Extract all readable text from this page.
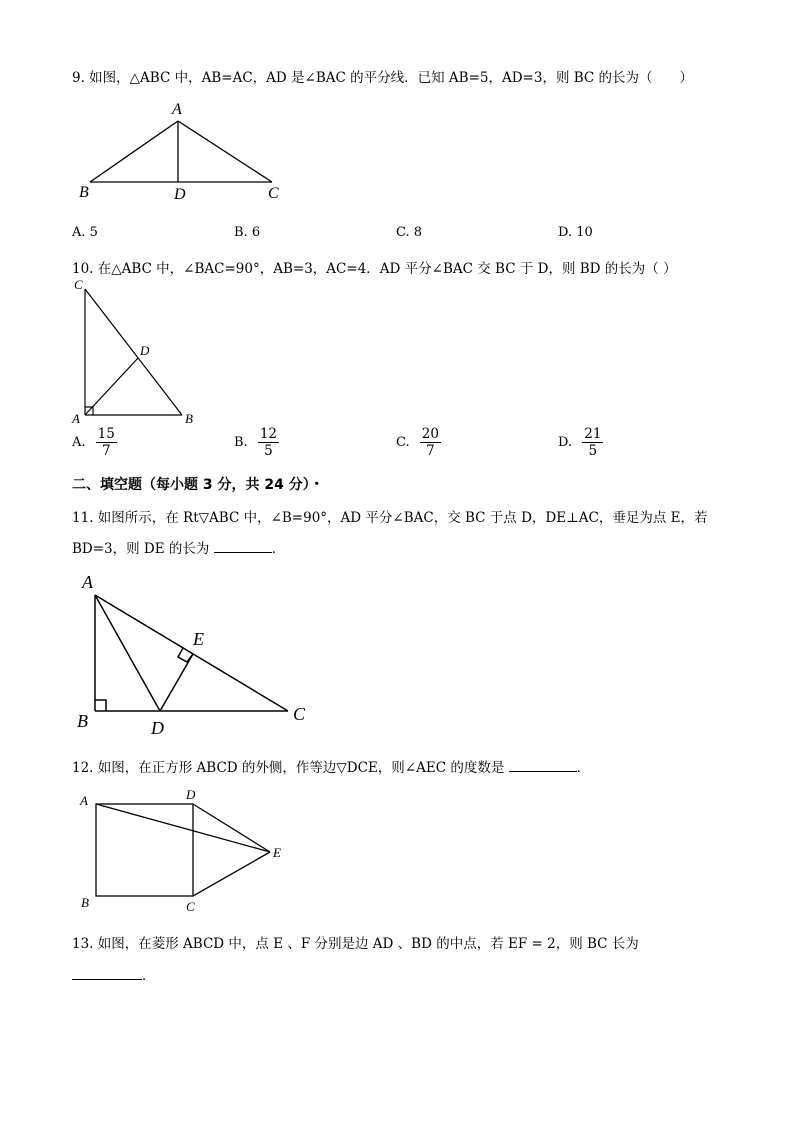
9. 如图，△ABC 中，AB=AC，AD 是∠BAC 的平分线．已知 AB=5，AD=3，则 BC 的长为（　　）
A
B	D	C
A. 5	B. 6	C. 8	D. 10
10. 在△ABC 中，∠BAC=90°，AB=3，AC=4．AD 平分∠BAC 交 BC 于 D，则 BD 的长为（ ）
C
D
A	B
A. $\frac{15}{7}$	B. $\frac{12}{5}$	C. $\frac{20}{7}$	D. $\frac{21}{5}$
二、填空题（每小题 3 分，共 24 分）・
11. 如图所示，在 Rt▽ABC 中，∠B=90°，AD 平分∠BAC，交 BC 于点 D，DE⊥AC，垂足为点 E，若
BD=3，则 DE 的长为	．
A
B	D
E
C
12. 如图，在正方形 ABCD 的外侧，作等边▽DCE，则∠AEC 的度数是	．
A	D
E
B	C
13. 如图，在菱形 ABCD 中，点 E 、F 分别是边 AD 、BD 的中点，若 EF = 2，则 BC 长为
．
